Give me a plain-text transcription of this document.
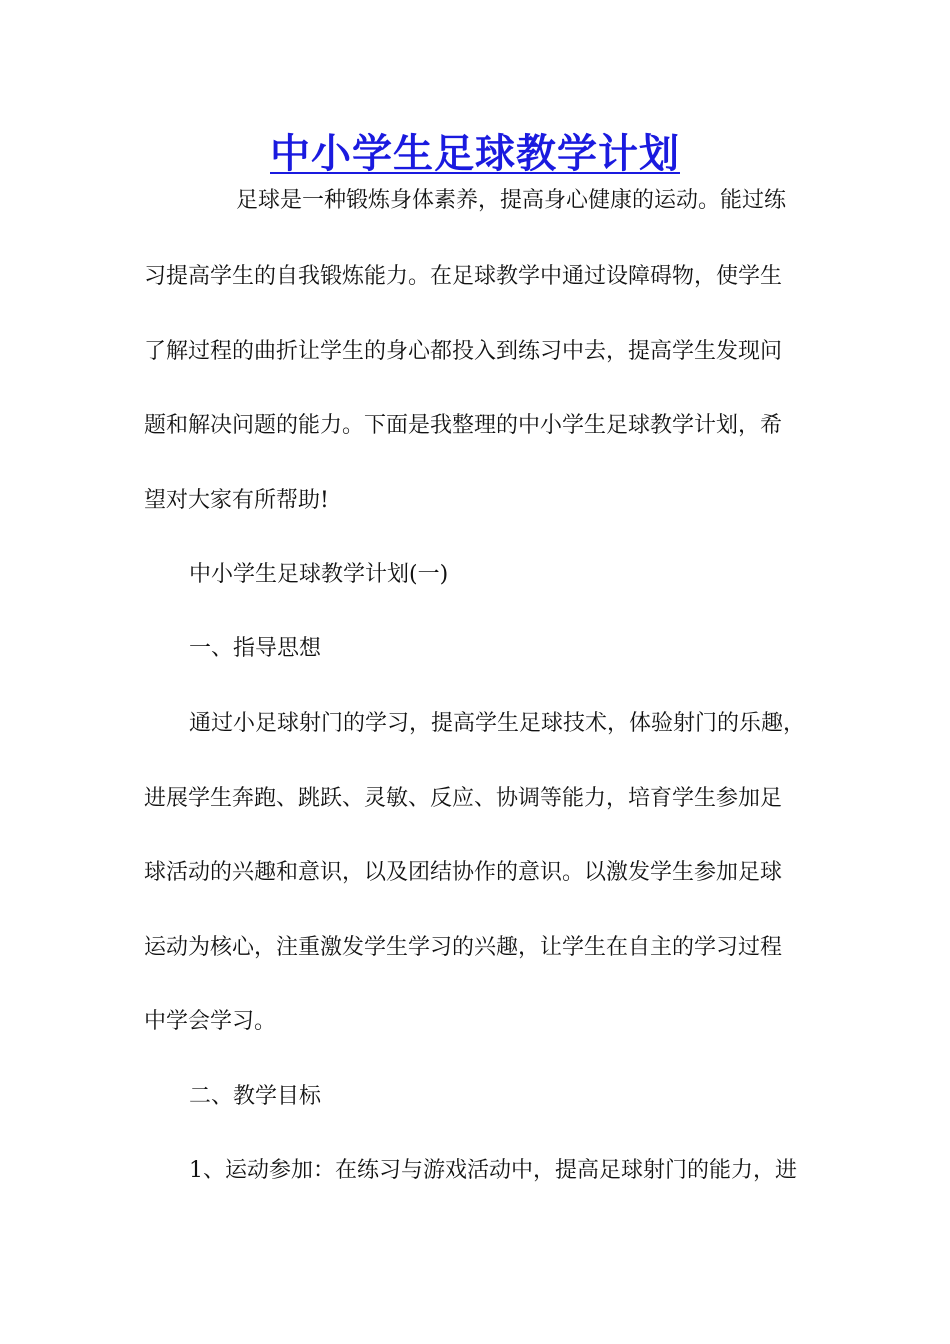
中小学生足球教学计划
足球是一种锻炼身体素养，提高身心健康的运动。能过练
习提高学生的自我锻炼能力。在足球教学中通过设障碍物，使学生
了解过程的曲折让学生的身心都投入到练习中去，提高学生发现问
题和解决问题的能力。下面是我整理的中小学生足球教学计划，希
望对大家有所帮助!
中小学生足球教学计划(一)
一、指导思想
通过小足球射门的学习，提高学生足球技术，体验射门的乐趣，
进展学生奔跑、跳跃、灵敏、反应、协调等能力，培育学生参加足
球活动的兴趣和意识，以及团结协作的意识。以激发学生参加足球
运动为核心，注重激发学生学习的兴趣，让学生在自主的学习过程
中学会学习。
二、教学目标
1、运动参加：在练习与游戏活动中，提高足球射门的能力，进
